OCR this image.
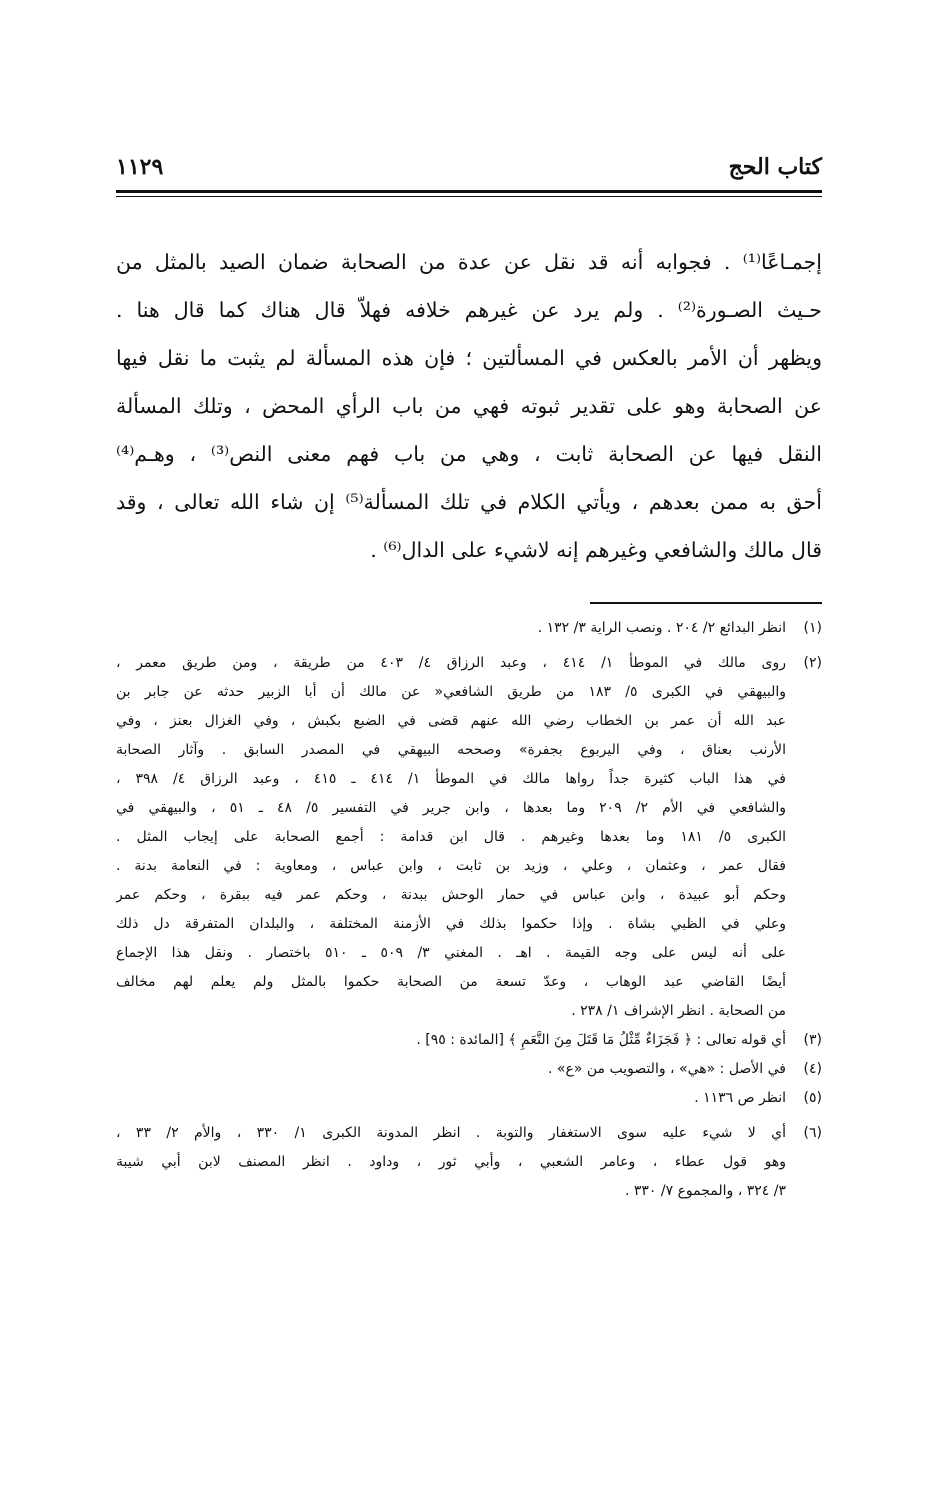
كتاب الحج
١١٢٩
إجمـاعًا⁽¹⁾ . فجوابه أنه قد نقل عن عدة من الصحابة ضمان الصيد بالمثل من
حـيث الصـورة⁽²⁾ . ولم يرد عن غيرهم خلافه فهلاّ قال هناك كما قال هنا .
ويظهر أن الأمر بالعكس في المسألتين ؛ فإن هذه المسألة لم يثبت ما نقل فيها
عن الصحابة وهو على تقدير ثبوته فهي من باب الرأي المحض ، وتلك المسألة
النقل فيها عن الصحابة ثابت ، وهي من باب فهم معنى النص⁽³⁾ ، وهـم⁽⁴⁾
أحق به ممن بعدهم ، ويأتي الكلام في تلك المسألة⁽⁵⁾ إن شاء الله تعالى ، وقد
قال مالك والشافعي وغيرهم إنه لاشيء على الدال⁽⁶⁾ .
(١)
انظر البدائع ٢/ ٢٠٤ . ونصب الراية ٣/ ١٣٢ .
(٢)
روى مالك في الموطأ ١/ ٤١٤ ، وعبد الرزاق ٤/ ٤٠٣ من طريقة ، ومن طريق معمر ،
والبيهقي في الكبرى ٥/ ١٨٣ من طريق الشافعي« عن مالك أن أبا الزبير حدثه عن جابر بن
عبد الله أن عمر بن الخطاب رضي الله عنهم قضى في الضبع بكبش ، وفي الغزال بعنز ، وفي
الأرنب بعناق ، وفي اليربوع بجفرة» وصححه البيهقي في المصدر السابق . وآثار الصحابة
في هذا الباب كثيرة جداً رواها مالك في الموطأ ١/ ٤١٤ ـ ٤١٥ ، وعبد الرزاق ٤/ ٣٩٨ ،
والشافعي في الأم ٢/ ٢٠٩ وما بعدها ، وابن جرير في التفسير ٥/ ٤٨ ـ ٥١ ، والبيهقي في
الكبرى ٥/ ١٨١ وما بعدها وغيرهم . قال ابن قدامة : أجمع الصحابة على إيجاب المثل .
فقال عمر ، وعثمان ، وعلي ، وزيد بن ثابت ، وابن عباس ، ومعاوية : في النعامة بدنة .
وحكم أبو عبيدة ، وابن عباس في حمار الوحش ببدنة ، وحكم عمر فيه ببقرة ، وحكم عمر
وعلي في الظبي بشاة . وإذا حكموا بذلك في الأزمنة المختلفة ، والبلدان المتفرقة دل ذلك
على أنه ليس على وجه القيمة . اهـ . المغني ٣/ ٥٠٩ ـ ٥١٠ باختصار . ونقل هذا الإجماع
أيضًا القاضي عبد الوهاب ، وعدّ تسعة من الصحابة حكموا بالمثل ولم يعلم لهم مخالف
من الصحابة . انظر الإشراف ١/ ٢٣٨ .
(٣)
أي قوله تعالى : ﴿ فَجَزَاءٌ مِّثْلُ مَا قَتَلَ مِنَ النَّعَمِ ﴾ [المائدة : ٩٥] .
(٤)
في الأصل : «هي» ، والتصويب من «ع» .
(٥)
انظر ص ١١٣٦ .
(٦)
أي لا شيء عليه سوى الاستغفار والتوبة . انظر المدونة الكبرى ١/ ٣٣٠ ، والأم ٢/ ٣٣ ،
وهو قول عطاء ، وعامر الشعبي ، وأبي ثور ، وداود . انظر المصنف لابن أبي شيبة
٣/ ٣٢٤ ، والمجموع ٧/ ٣٣٠ .
